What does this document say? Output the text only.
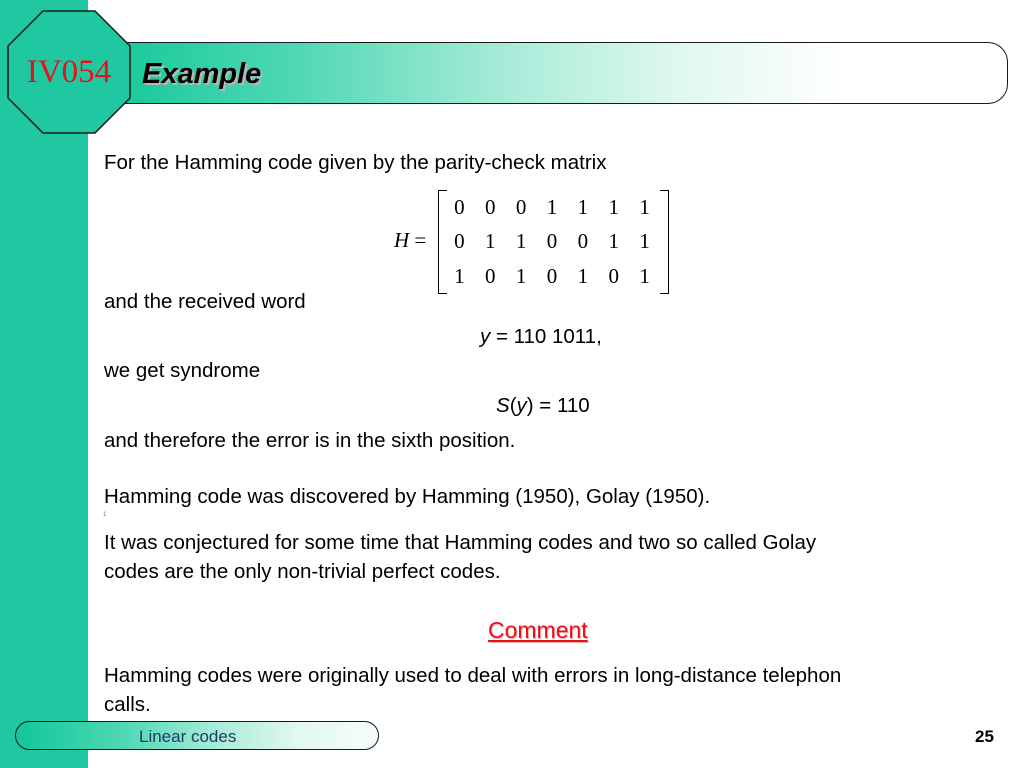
IV054	Example
For the Hamming code given by the parity-check matrix
H =
0 0 0 1 1 1 1
0 1 1 0 0 1 1
1 0 1 0 1 0 1
and the received word
y = 110 1011,
we get syndrome
S(y) = 110
and therefore the error is in the sixth position.
Hamming code was discovered by Hamming (1950), Golay (1950).
1
It was conjectured for some time that Hamming codes and two so called Golay
codes are the only non-trivial perfect codes.
Comment
Hamming codes were originally used to deal with errors in long-distance telephon
calls.
Linear codes	25
